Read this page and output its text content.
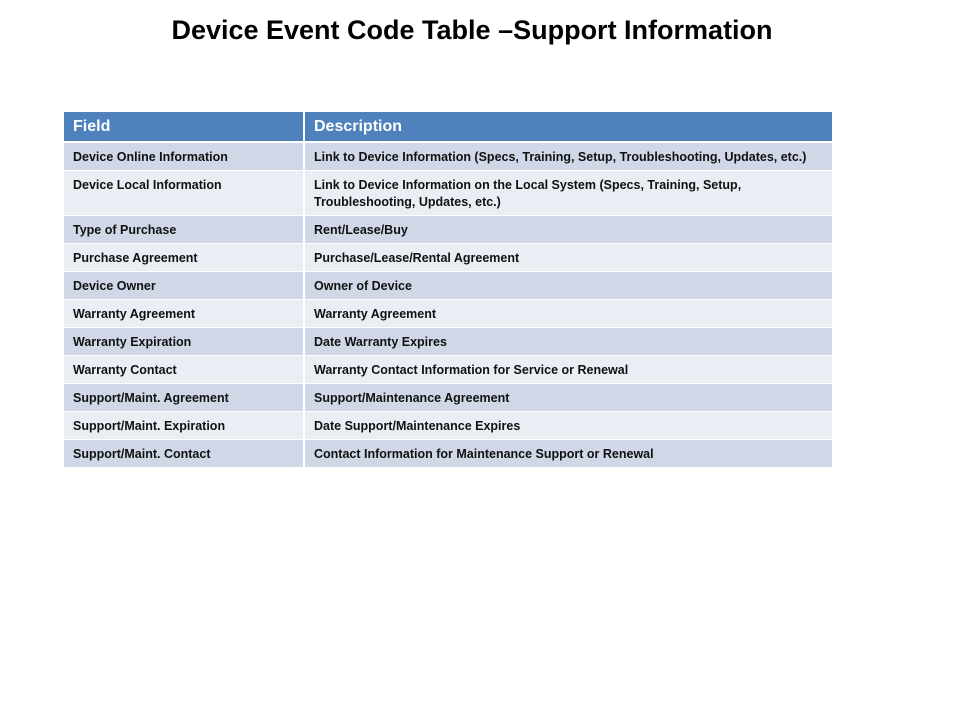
Device Event Code Table –Support Information
Field	Description
Device Online Information	Link to Device Information (Specs, Training, Setup, Troubleshooting, Updates, etc.)
Device Local Information	Link to Device Information on the Local System (Specs, Training, Setup, Troubleshooting, Updates, etc.)
Type of Purchase	Rent/Lease/Buy
Purchase Agreement	Purchase/Lease/Rental Agreement
Device Owner	Owner of Device
Warranty Agreement	Warranty Agreement
Warranty Expiration	Date Warranty Expires
Warranty Contact	Warranty Contact Information for Service or Renewal
Support/Maint. Agreement	Support/Maintenance Agreement
Support/Maint. Expiration	Date Support/Maintenance Expires
Support/Maint. Contact	Contact Information for Maintenance Support or Renewal
